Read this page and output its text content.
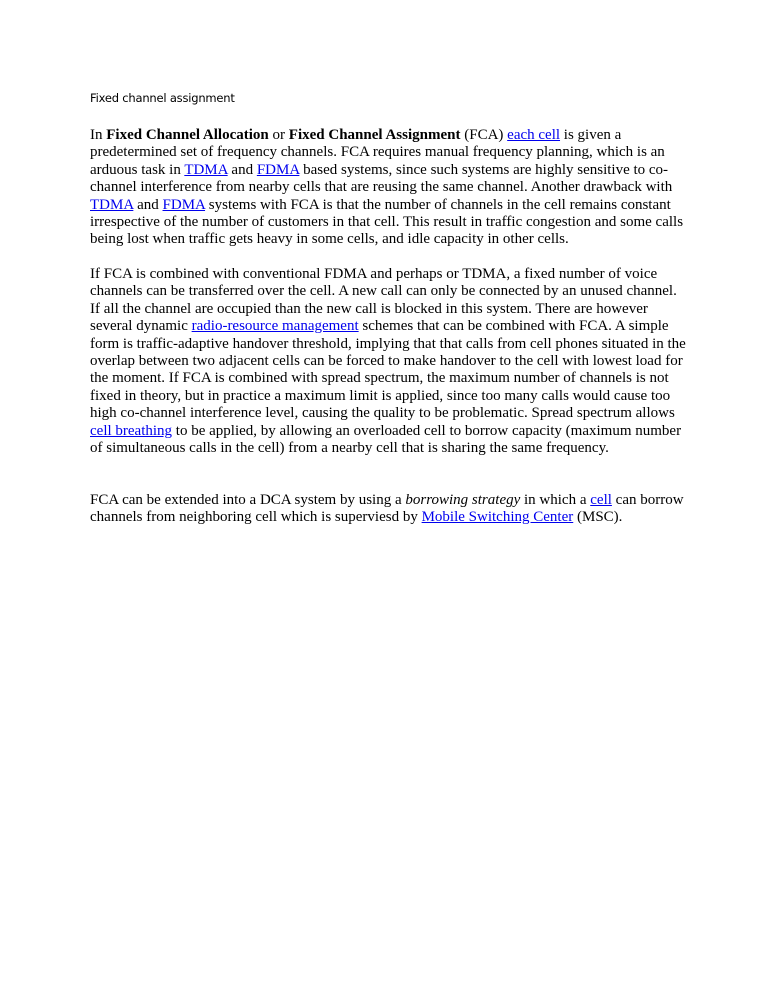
Fixed channel assignment

In Fixed Channel Allocation or Fixed Channel Assignment (FCA) each cell is given a predetermined set of frequency channels. FCA requires manual frequency planning, which is an arduous task in TDMA and FDMA based systems, since such systems are highly sensitive to co-channel interference from nearby cells that are reusing the same channel. Another drawback with TDMA and FDMA systems with FCA is that the number of channels in the cell remains constant irrespective of the number of customers in that cell. This result in traffic congestion and some calls being lost when traffic gets heavy in some cells, and idle capacity in other cells.

If FCA is combined with conventional FDMA and perhaps or TDMA, a fixed number of voice channels can be transferred over the cell. A new call can only be connected by an unused channel. If all the channel are occupied than the new call is blocked in this system. There are however several dynamic radio-resource management schemes that can be combined with FCA. A simple form is traffic-adaptive handover threshold, implying that that calls from cell phones situated in the overlap between two adjacent cells can be forced to make handover to the cell with lowest load for the moment. If FCA is combined with spread spectrum, the maximum number of channels is not fixed in theory, but in practice a maximum limit is applied, since too many calls would cause too high co-channel interference level, causing the quality to be problematic. Spread spectrum allows cell breathing to be applied, by allowing an overloaded cell to borrow capacity (maximum number of simultaneous calls in the cell) from a nearby cell that is sharing the same frequency.

FCA can be extended into a DCA system by using a borrowing strategy in which a cell can borrow channels from neighboring cell which is superviesd by Mobile Switching Center (MSC).
